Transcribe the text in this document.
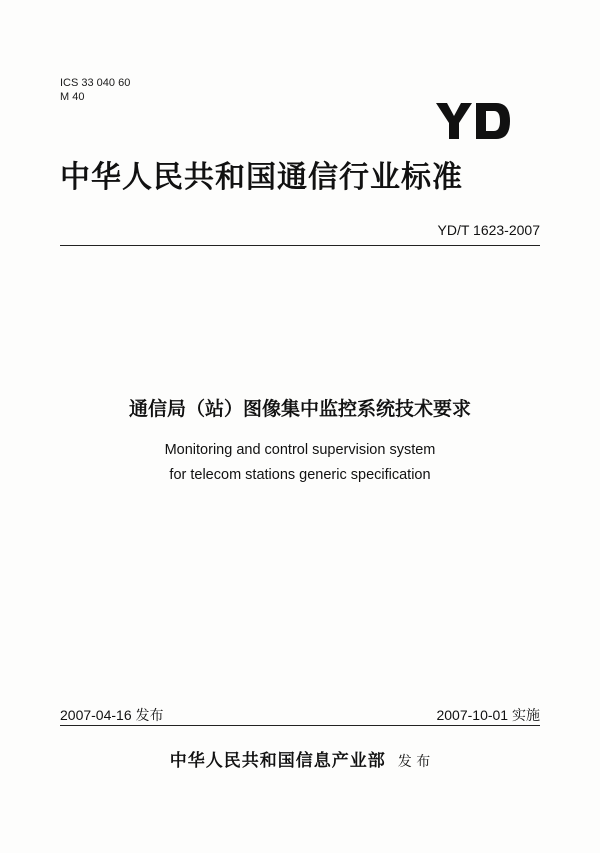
ICS 33 040 60
M 40
中华人民共和国通信行业标准
YD/T 1623-2007
通信局（站）图像集中监控系统技术要求
Monitoring and control supervision system
for telecom stations generic specification
2007-04-16 发布	2007-10-01 实施
中华人民共和国信息产业部 发 布
